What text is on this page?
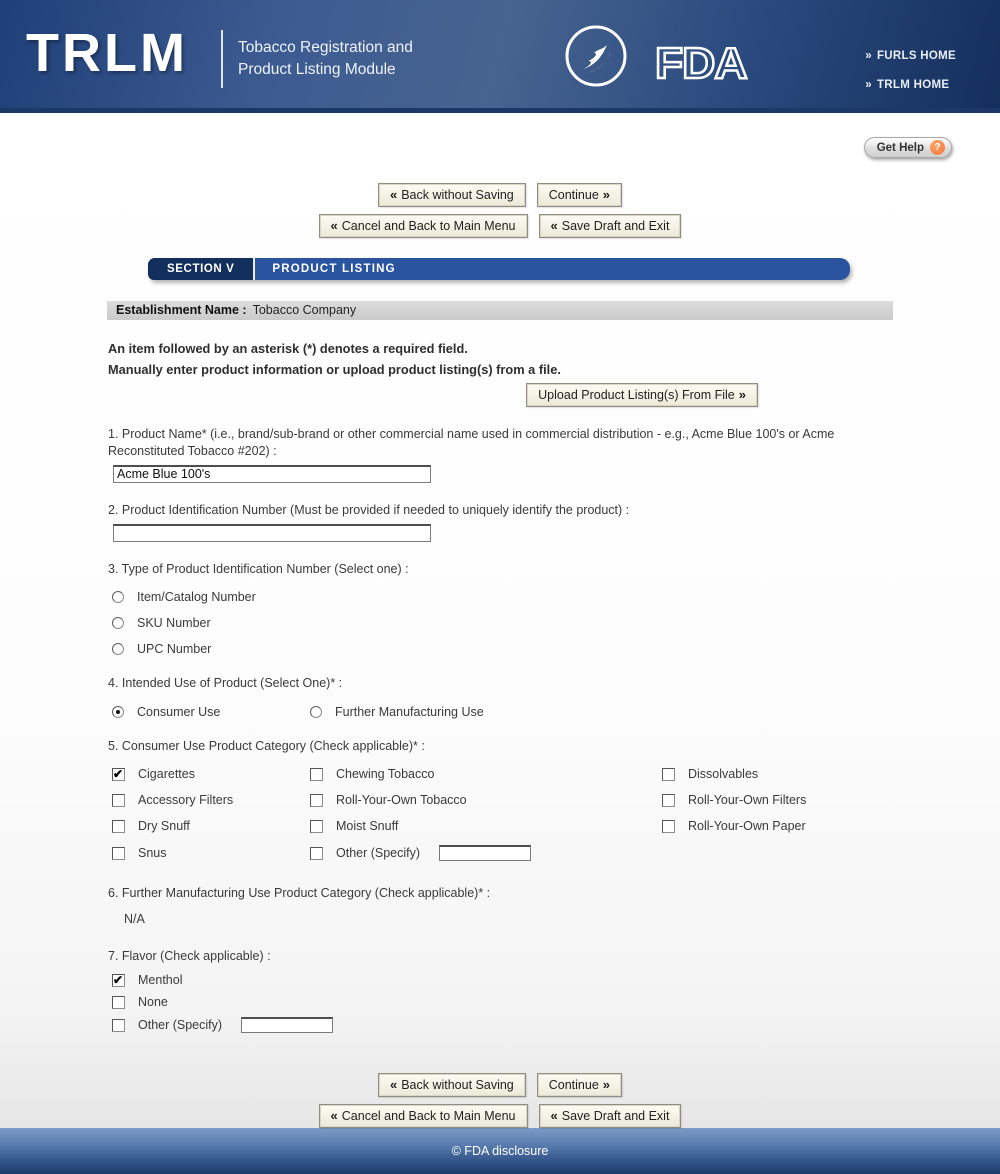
TRLM	Tobacco Registration and
Product Listing Module	FDA	» FURLS HOME
» TRLM HOME
Get Help	?
« Back without Saving	Continue »
« Cancel and Back to Main Menu	« Save Draft and Exit
SECTION V	PRODUCT LISTING
Establishment Name : Tobacco Company
An item followed by an asterisk (*) denotes a required field.
Manually enter product information or upload product listing(s) from a file.
Upload Product Listing(s) From File »
1. Product Name* (i.e., brand/sub-brand or other commercial name used in commercial distribution - e.g., Acme Blue 100's or Acme Reconstituted Tobacco #202) :
Acme Blue 100's
2. Product Identification Number (Must be provided if needed to uniquely identify the product) :
3. Type of Product Identification Number (Select one) :
Item/Catalog Number
SKU Number
UPC Number
4. Intended Use of Product (Select One)* :
Consumer Use	Further Manufacturing Use
5. Consumer Use Product Category (Check applicable)* :
✔
Cigarettes	Chewing Tobacco	Dissolvables
Accessory Filters	Roll-Your-Own Tobacco	Roll-Your-Own Filters
Dry Snuff	Moist Snuff	Roll-Your-Own Paper
Snus	Other (Specify)
6. Further Manufacturing Use Product Category (Check applicable)* :
N/A
7. Flavor (Check applicable) :
✔
Menthol
None
Other (Specify)
« Back without Saving	Continue »
« Cancel and Back to Main Menu	« Save Draft and Exit
© FDA disclosure
